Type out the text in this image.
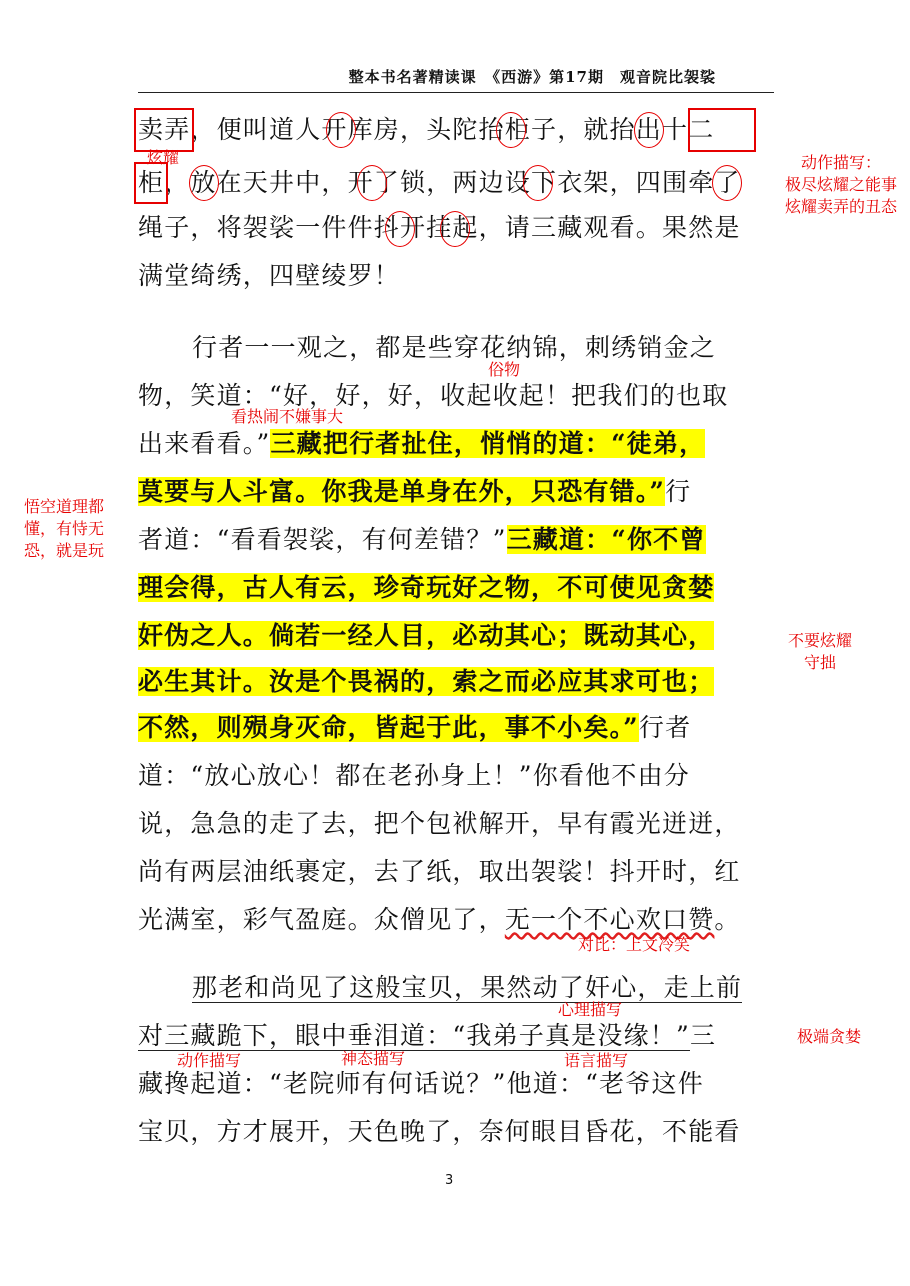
整本书名著精读课　《西游》第17期　观音院比袈裟
卖弄，便叫道人开库房，头陀抬柜子，就抬出十二
柜，放在天井中，开了锁，两边设下衣架，四围牵了
绳子，将袈裟一件件抖开挂起，请三藏观看。果然是
满堂绮绣，四壁绫罗！
行者一一观之，都是些穿花纳锦，刺绣销金之
物，笑道：“好，好，好，收起收起！把我们的也取
出来看看。”三藏把行者扯住，悄悄的道：“徒弟，
莫要与人斗富。你我是单身在外，只恐有错。”行
者道：“看看袈裟，有何差错？”三藏道：“你不曾
理会得，古人有云，珍奇玩好之物，不可使见贪婪
奸伪之人。倘若一经人目，必动其心；既动其心，
必生其计。汝是个畏祸的，索之而必应其求可也；
不然，则殒身灭命，皆起于此，事不小矣。”行者
道：“放心放心！都在老孙身上！”你看他不由分
说，急急的走了去，把个包袱解开，早有霞光迸迸，
尚有两层油纸裹定，去了纸，取出袈裟！抖开时，红
光满室，彩气盈庭。众僧见了，无一个不心欢口赞。
那老和尚见了这般宝贝，果然动了奸心，走上前
对三藏跪下，眼中垂泪道：“我弟子真是没缘！”三
藏搀起道：“老院师有何话说？”他道：“老爷这件
宝贝，方才展开，天色晚了，奈何眼目昏花，不能看
炫耀	动作描写：
极尽炫耀之能事
炫耀卖弄的丑态
俗物
看热闹不嫌事大
悟空道理都
懂，有恃无
恐，就是玩
不要炫耀
守拙
对比：上文冷笑
心理描写
极端贪婪
动作描写	神态描写	语言描写
3
